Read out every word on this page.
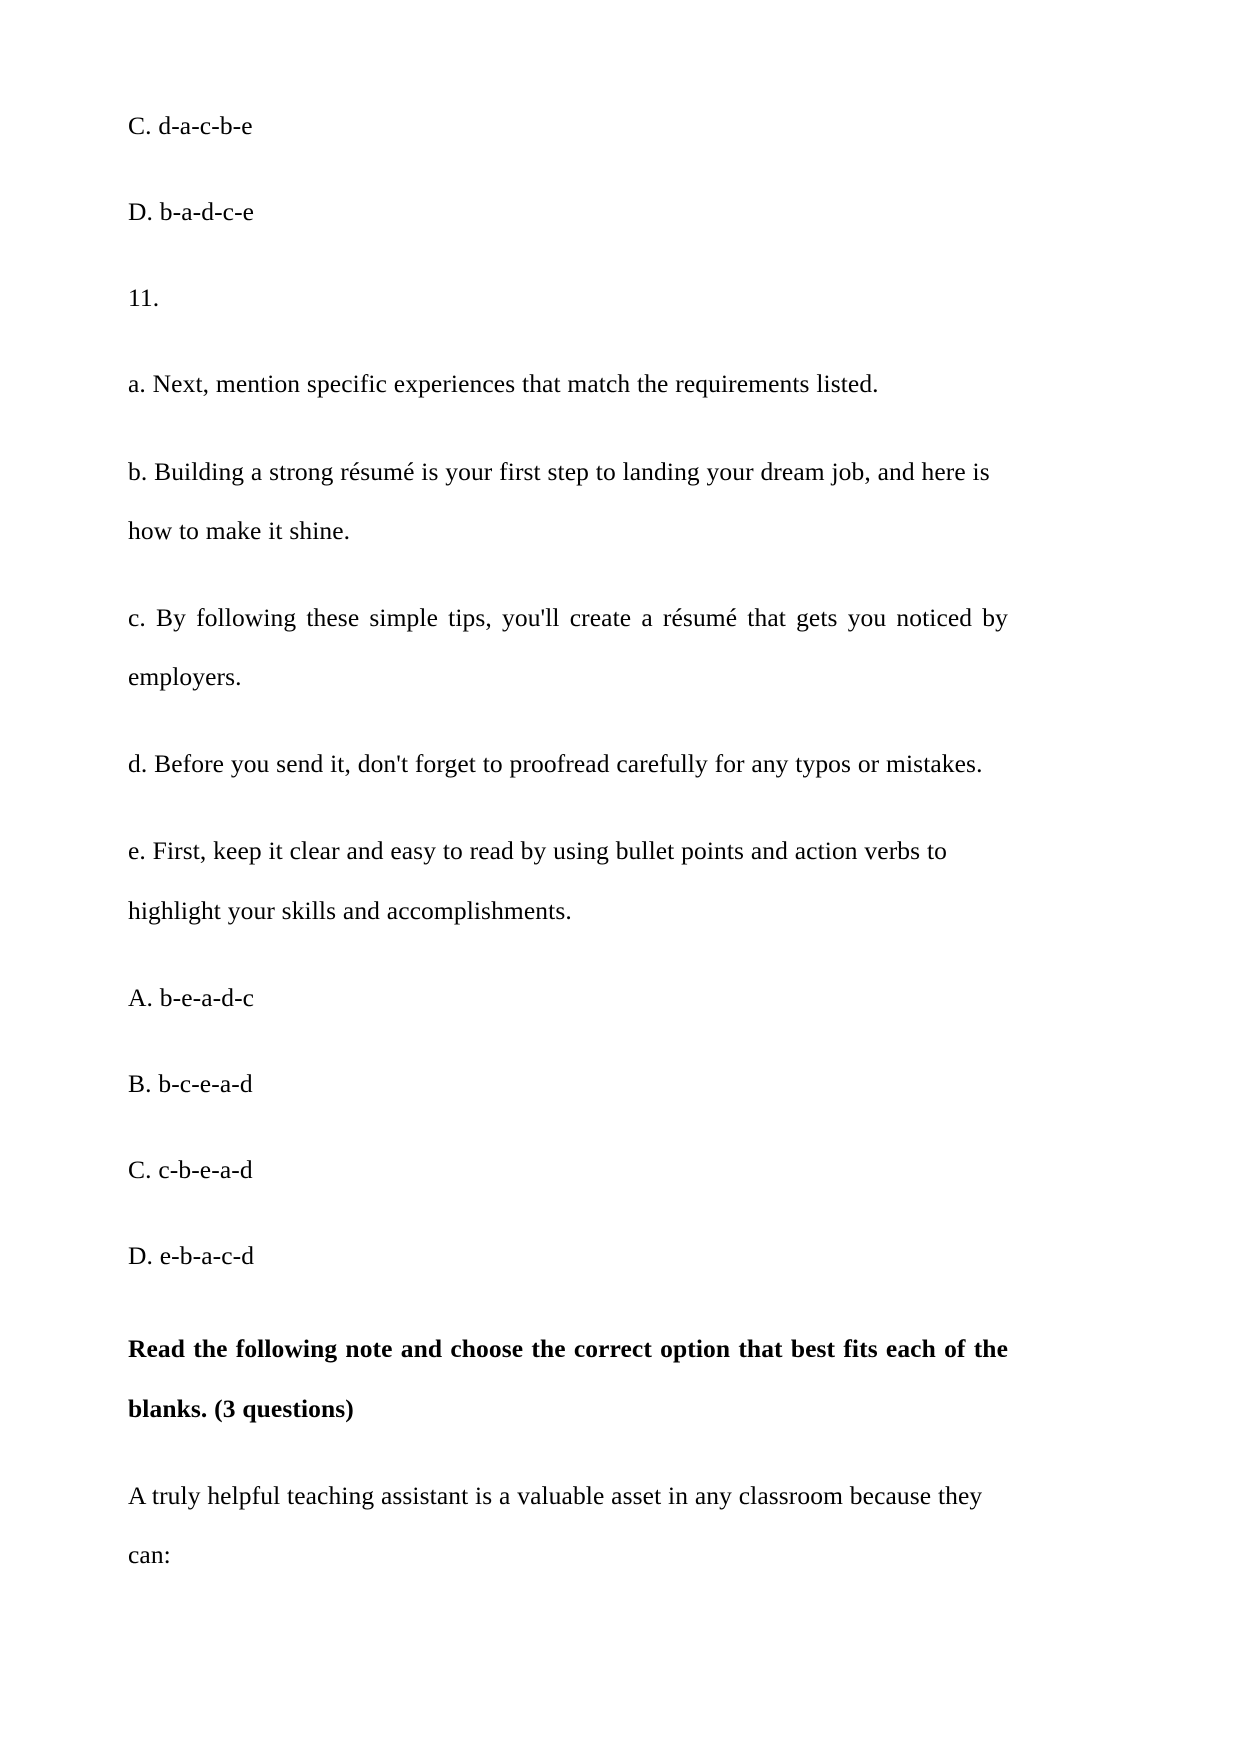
C. d-a-c-b-e

D. b-a-d-c-e

11.

a. Next, mention specific experiences that match the requirements listed.

b. Building a strong résumé is your first step to landing your dream job, and here is how to make it shine.

c. By following these simple tips, you'll create a résumé that gets you noticed by employers.

d. Before you send it, don't forget to proofread carefully for any typos or mistakes.

e. First, keep it clear and easy to read by using bullet points and action verbs to highlight your skills and accomplishments.

A. b-e-a-d-c

B. b-c-e-a-d

C. c-b-e-a-d

D. e-b-a-c-d

Read the following note and choose the correct option that best fits each of the blanks. (3 questions)

A truly helpful teaching assistant is a valuable asset in any classroom because they can:
